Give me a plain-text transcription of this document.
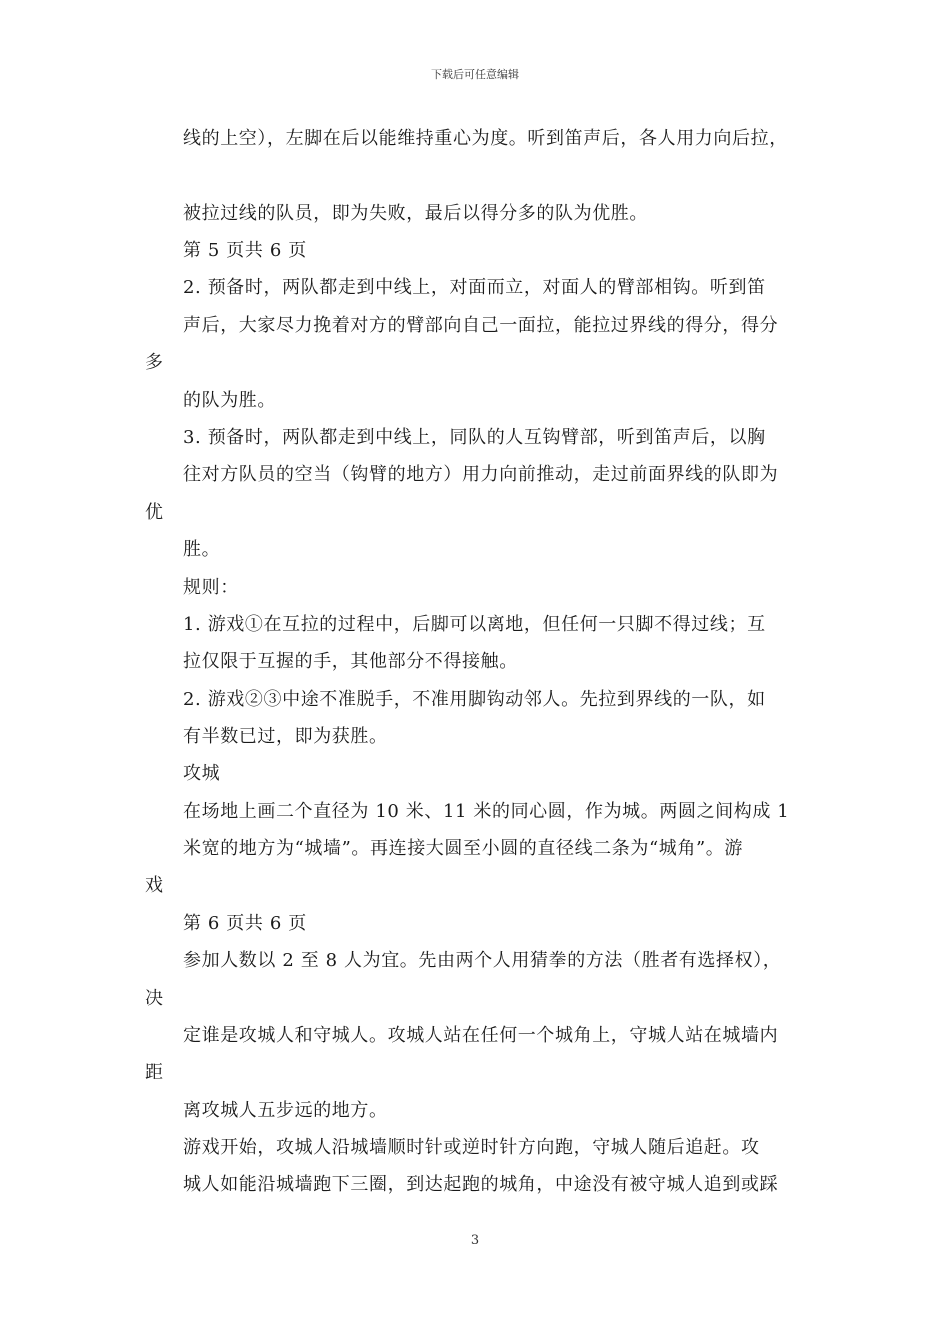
下载后可任意编辑
线的上空），左脚在后以能维持重心为度。听到笛声后，各人用力向后拉，
被拉过线的队员，即为失败，最后以得分多的队为优胜。
第 5 页共 6 页
2. 预备时，两队都走到中线上，对面而立，对面人的臂部相钩。听到笛
声后，大家尽力挽着对方的臂部向自己一面拉，能拉过界线的得分，得分
多
的队为胜。
3. 预备时，两队都走到中线上，同队的人互钩臂部，听到笛声后，以胸
往对方队员的空当（钩臂的地方）用力向前推动，走过前面界线的队即为
优
胜。
规则：
1. 游戏①在互拉的过程中，后脚可以离地，但任何一只脚不得过线；互
拉仅限于互握的手，其他部分不得接触。
2. 游戏②③中途不准脱手，不准用脚钩动邻人。先拉到界线的一队，如
有半数已过，即为获胜。
攻城
在场地上画二个直径为 10 米、11 米的同心圆，作为城。两圆之间构成 1
米宽的地方为“城墙”。再连接大圆至小圆的直径线二条为“城角”。游
戏
第 6 页共 6 页
参加人数以 2 至 8 人为宜。先由两个人用猜拳的方法（胜者有选择权），
决
定谁是攻城人和守城人。攻城人站在任何一个城角上，守城人站在城墙内
距
离攻城人五步远的地方。
游戏开始，攻城人沿城墙顺时针或逆时针方向跑，守城人随后追赶。攻
城人如能沿城墙跑下三圈，到达起跑的城角，中途没有被守城人追到或踩
3
